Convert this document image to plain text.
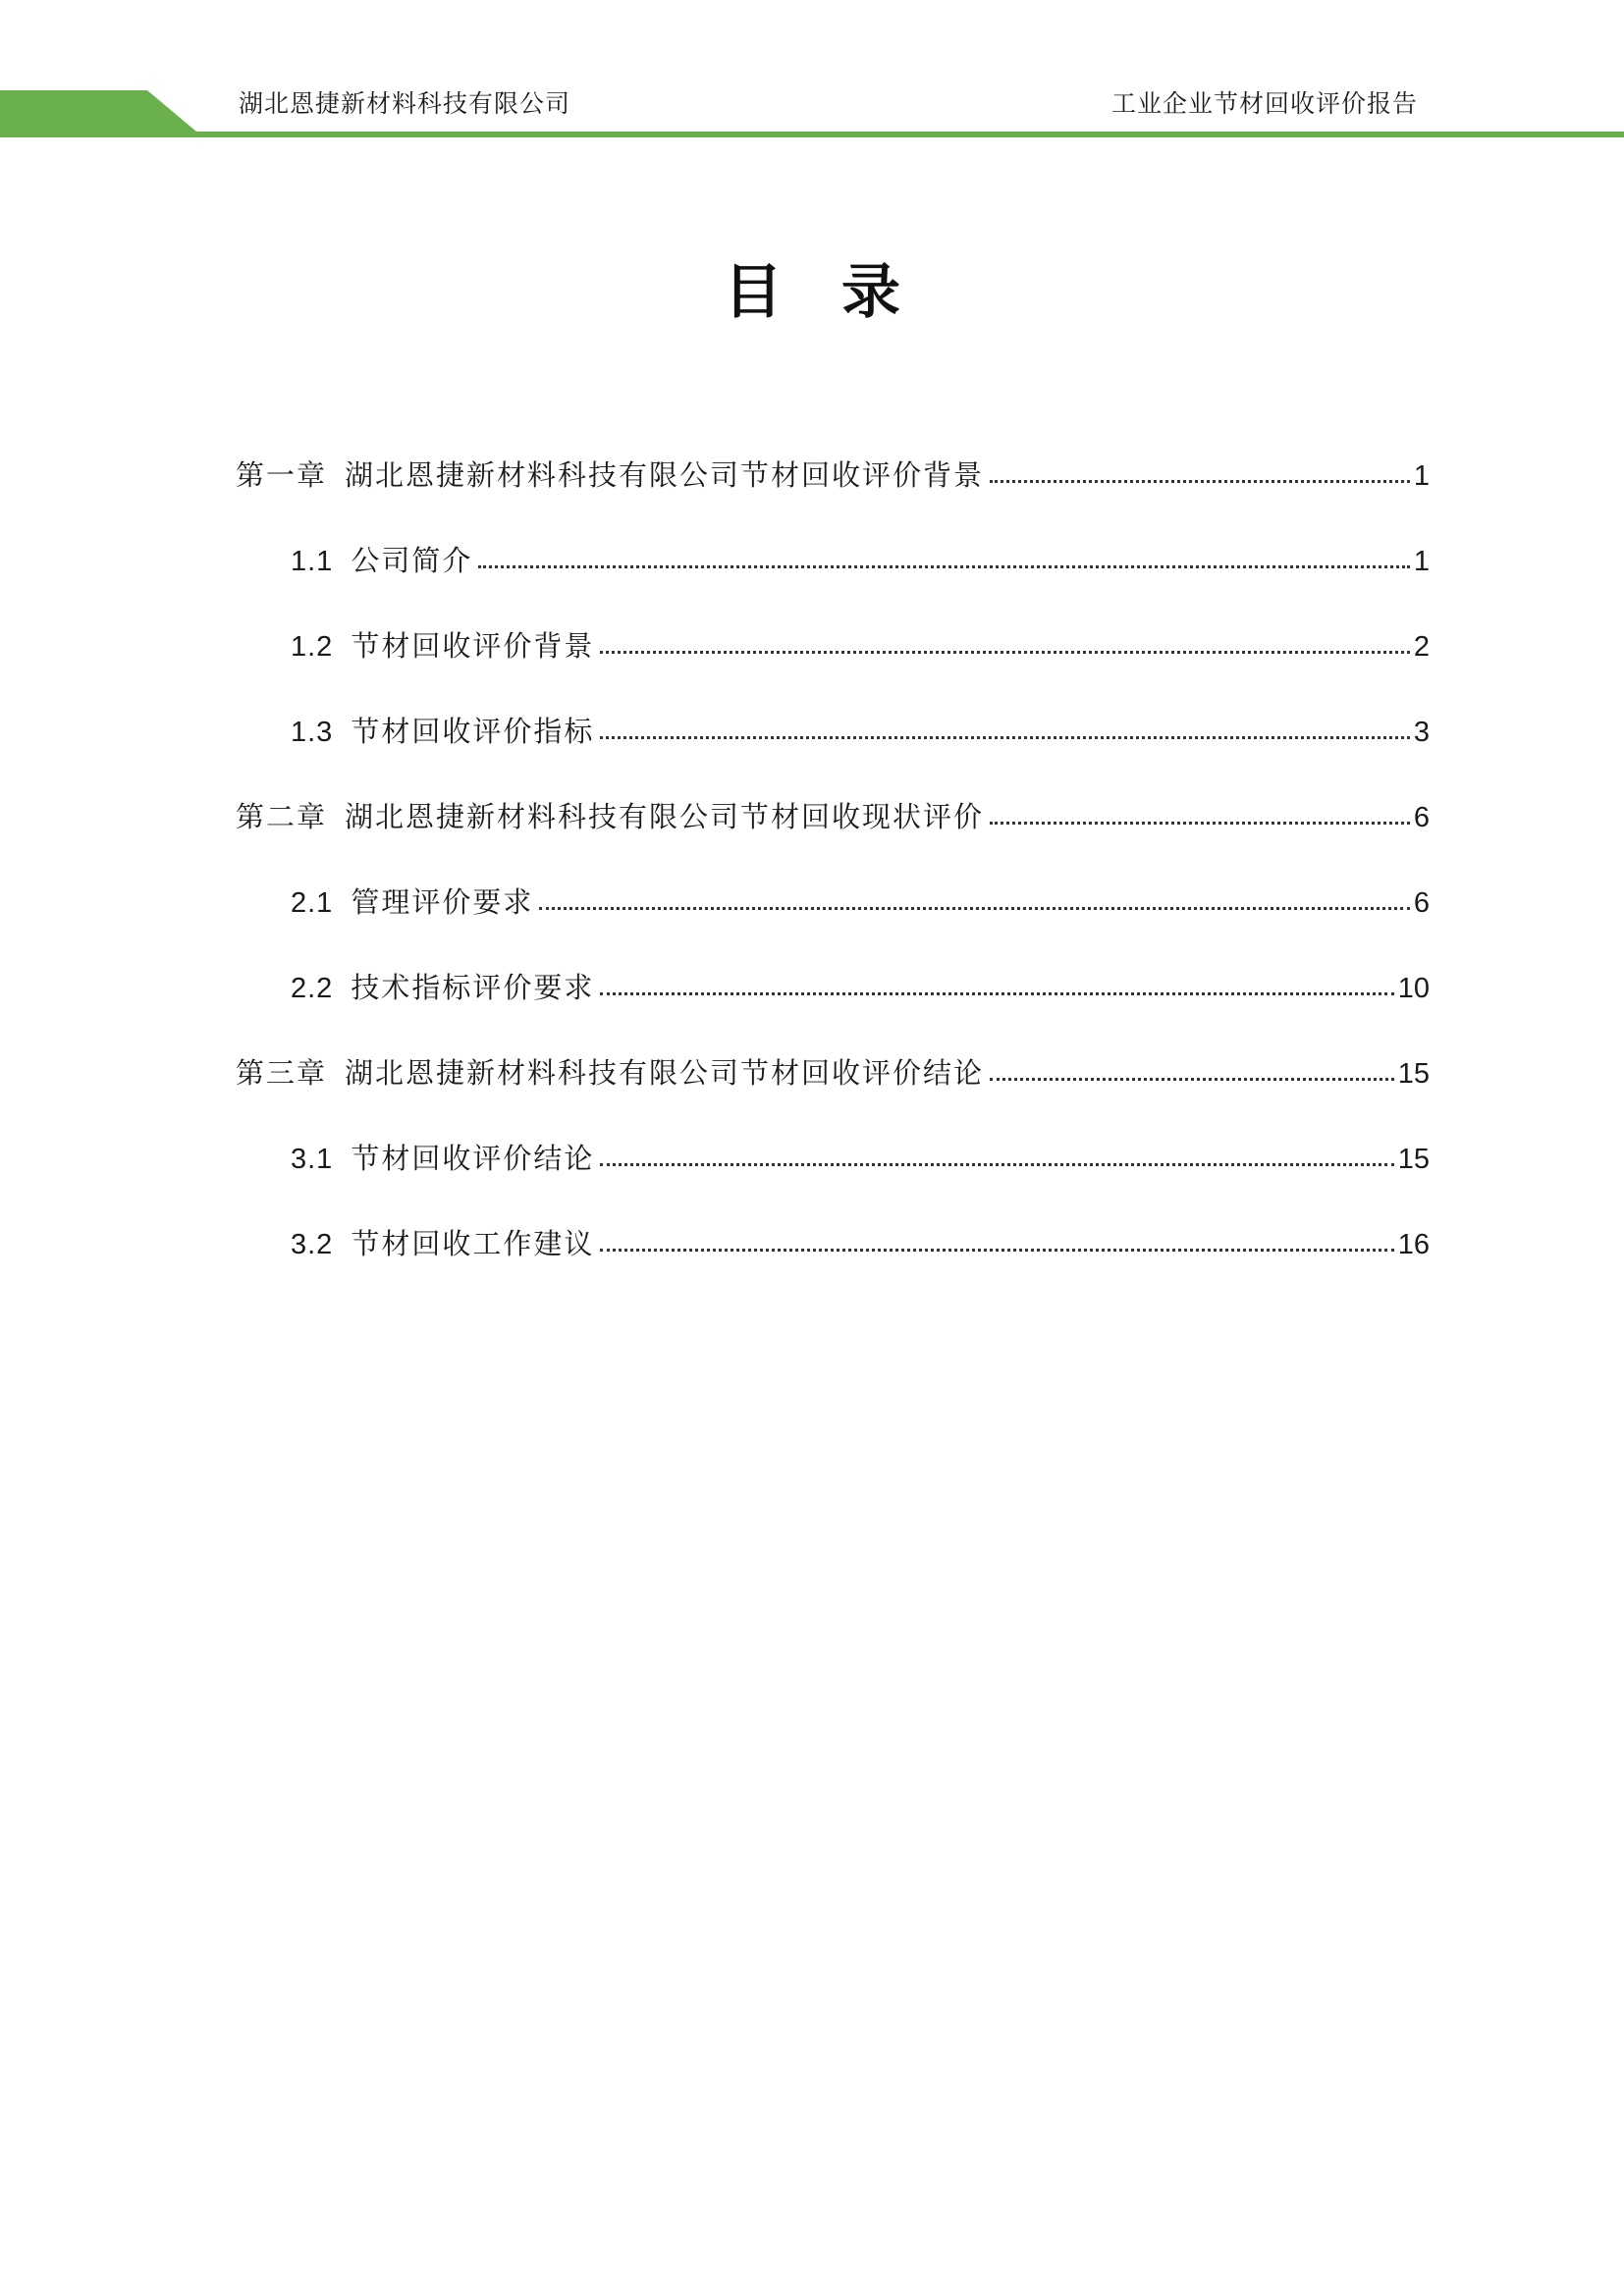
湖北恩捷新材料科技有限公司	工业企业节材回收评价报告
目录
第一章 湖北恩捷新材料科技有限公司节材回收评价背景	1
1.1 公司简介	1
1.2 节材回收评价背景	2
1.3 节材回收评价指标	3
第二章 湖北恩捷新材料科技有限公司节材回收现状评价	6
2.1 管理评价要求	6
2.2 技术指标评价要求	10
第三章 湖北恩捷新材料科技有限公司节材回收评价结论	15
3.1 节材回收评价结论	15
3.2 节材回收工作建议	16
